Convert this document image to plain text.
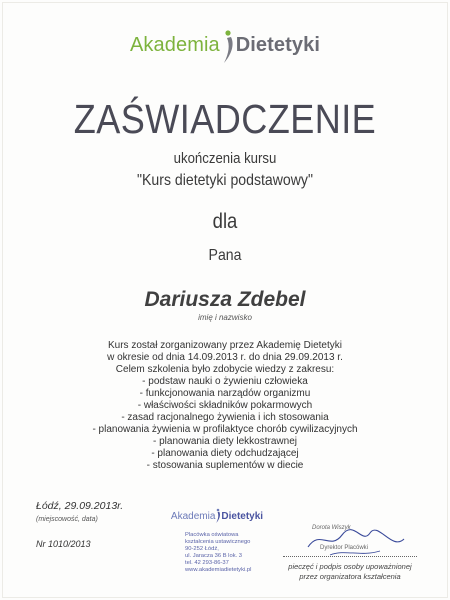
Akademia Dietetyki
ZAŚWIADCZENIE
ukończenia kursu
"Kurs dietetyki podstawowy"
dla
Pana
Dariusza Zdebel
imię i nazwisko
Kurs został zorganizowany przez Akademię Dietetyki
w okresie od dnia 14.09.2013 r. do dnia 29.09.2013 r.
Celem szkolenia było zdobycie wiedzy z zakresu:
- podstaw nauki o żywieniu człowieka
- funkcjonowania narządów organizmu
- właściwości składników pokarmowych
- zasad racjonalnego żywienia i ich stosowania
- planowania żywienia w profilaktyce chorób cywilizacyjnych
- planowania diety lekkostrawnej
- planowania diety odchudzającej
- stosowania suplementów w diecie
Łódź, 29.09.2013r.
(miejscowość, data)
Nr 1010/2013
Akademia Dietetyki
Placówka oświatowa
kształcenia ustawicznego
90-252 Łódź,
ul. Jaracza 36 B lok. 3
tel. 42 293-86-37
www.akademiadietetyki.pl
Dorota Wiszyk
Dyrektor Placówki
pieczęć i podpis osoby upoważnionej
przez organizatora kształcenia
